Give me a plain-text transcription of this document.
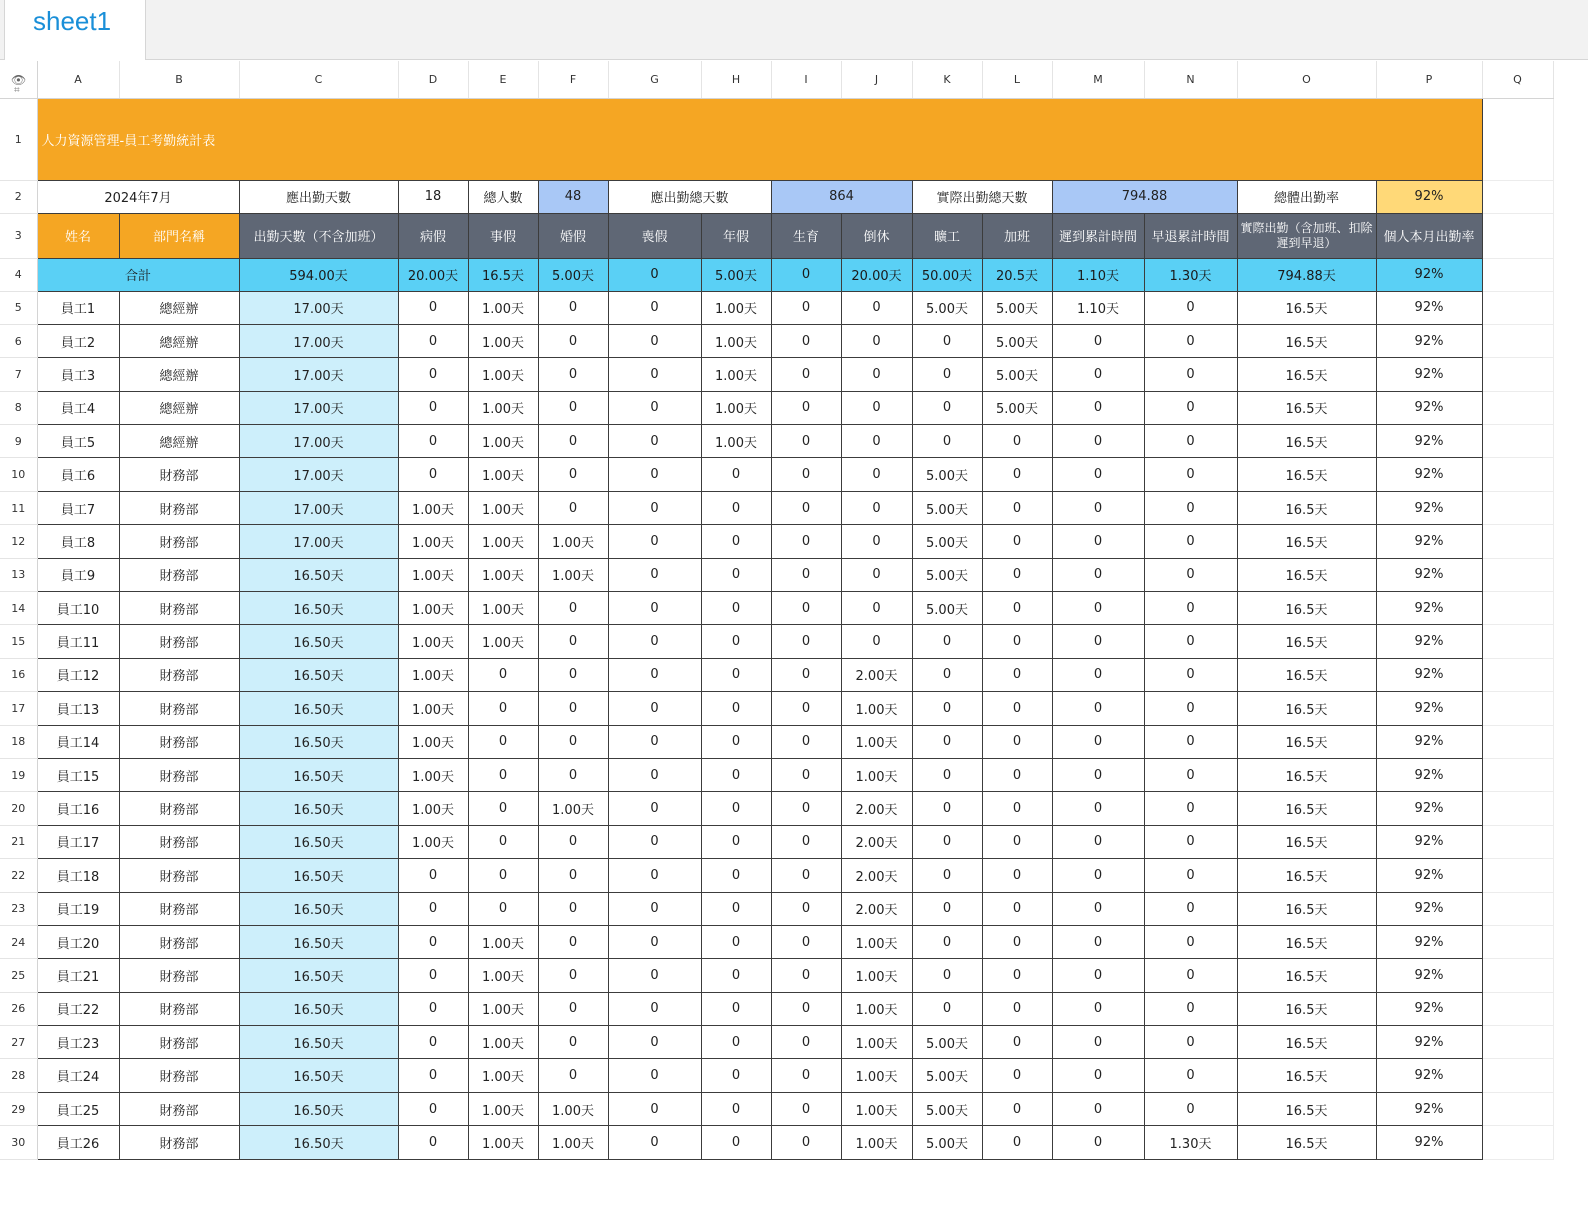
sheet1
👁
⌗	A	B	C	D	E	F	G	H	I	J	K	L	M	N	O	P	Q
1	人力資源管理-員工考勤統計表																
2	2024年7月		應出勤天數	18	總人數	48	應出勤總天數		864		實際出勤總天數		794.88		總體出勤率	92%	
3	姓名	部門名稱	出勤天數（不含加班）	病假	事假	婚假	喪假	年假	生育	倒休	曠工	加班	遲到累計時間	早退累計時間	實際出勤（含加班、扣除遲到早退）	個人本月出勤率	
4	合計		594.00天	20.00天	16.5天	5.00天	0	5.00天	0	20.00天	50.00天	20.5天	1.10天	1.30天	794.88天	92%	
5	員工1	總經辦	17.00天	0	1.00天	0	0	1.00天	0	0	5.00天	5.00天	1.10天	0	16.5天	92%	
6	員工2	總經辦	17.00天	0	1.00天	0	0	1.00天	0	0	0	5.00天	0	0	16.5天	92%	
7	員工3	總經辦	17.00天	0	1.00天	0	0	1.00天	0	0	0	5.00天	0	0	16.5天	92%	
8	員工4	總經辦	17.00天	0	1.00天	0	0	1.00天	0	0	0	5.00天	0	0	16.5天	92%	
9	員工5	總經辦	17.00天	0	1.00天	0	0	1.00天	0	0	0	0	0	0	16.5天	92%	
10	員工6	財務部	17.00天	0	1.00天	0	0	0	0	0	5.00天	0	0	0	16.5天	92%	
11	員工7	財務部	17.00天	1.00天	1.00天	0	0	0	0	0	5.00天	0	0	0	16.5天	92%	
12	員工8	財務部	17.00天	1.00天	1.00天	1.00天	0	0	0	0	5.00天	0	0	0	16.5天	92%	
13	員工9	財務部	16.50天	1.00天	1.00天	1.00天	0	0	0	0	5.00天	0	0	0	16.5天	92%	
14	員工10	財務部	16.50天	1.00天	1.00天	0	0	0	0	0	5.00天	0	0	0	16.5天	92%	
15	員工11	財務部	16.50天	1.00天	1.00天	0	0	0	0	0	0	0	0	0	16.5天	92%	
16	員工12	財務部	16.50天	1.00天	0	0	0	0	0	2.00天	0	0	0	0	16.5天	92%	
17	員工13	財務部	16.50天	1.00天	0	0	0	0	0	1.00天	0	0	0	0	16.5天	92%	
18	員工14	財務部	16.50天	1.00天	0	0	0	0	0	1.00天	0	0	0	0	16.5天	92%	
19	員工15	財務部	16.50天	1.00天	0	0	0	0	0	1.00天	0	0	0	0	16.5天	92%	
20	員工16	財務部	16.50天	1.00天	0	1.00天	0	0	0	2.00天	0	0	0	0	16.5天	92%	
21	員工17	財務部	16.50天	1.00天	0	0	0	0	0	2.00天	0	0	0	0	16.5天	92%	
22	員工18	財務部	16.50天	0	0	0	0	0	0	2.00天	0	0	0	0	16.5天	92%	
23	員工19	財務部	16.50天	0	0	0	0	0	0	2.00天	0	0	0	0	16.5天	92%	
24	員工20	財務部	16.50天	0	1.00天	0	0	0	0	1.00天	0	0	0	0	16.5天	92%	
25	員工21	財務部	16.50天	0	1.00天	0	0	0	0	1.00天	0	0	0	0	16.5天	92%	
26	員工22	財務部	16.50天	0	1.00天	0	0	0	0	1.00天	0	0	0	0	16.5天	92%	
27	員工23	財務部	16.50天	0	1.00天	0	0	0	0	1.00天	5.00天	0	0	0	16.5天	92%	
28	員工24	財務部	16.50天	0	1.00天	0	0	0	0	1.00天	5.00天	0	0	0	16.5天	92%	
29	員工25	財務部	16.50天	0	1.00天	1.00天	0	0	0	1.00天	5.00天	0	0	0	16.5天	92%	
30	員工26	財務部	16.50天	0	1.00天	1.00天	0	0	0	1.00天	5.00天	0	0	1.30天	16.5天	92%	
